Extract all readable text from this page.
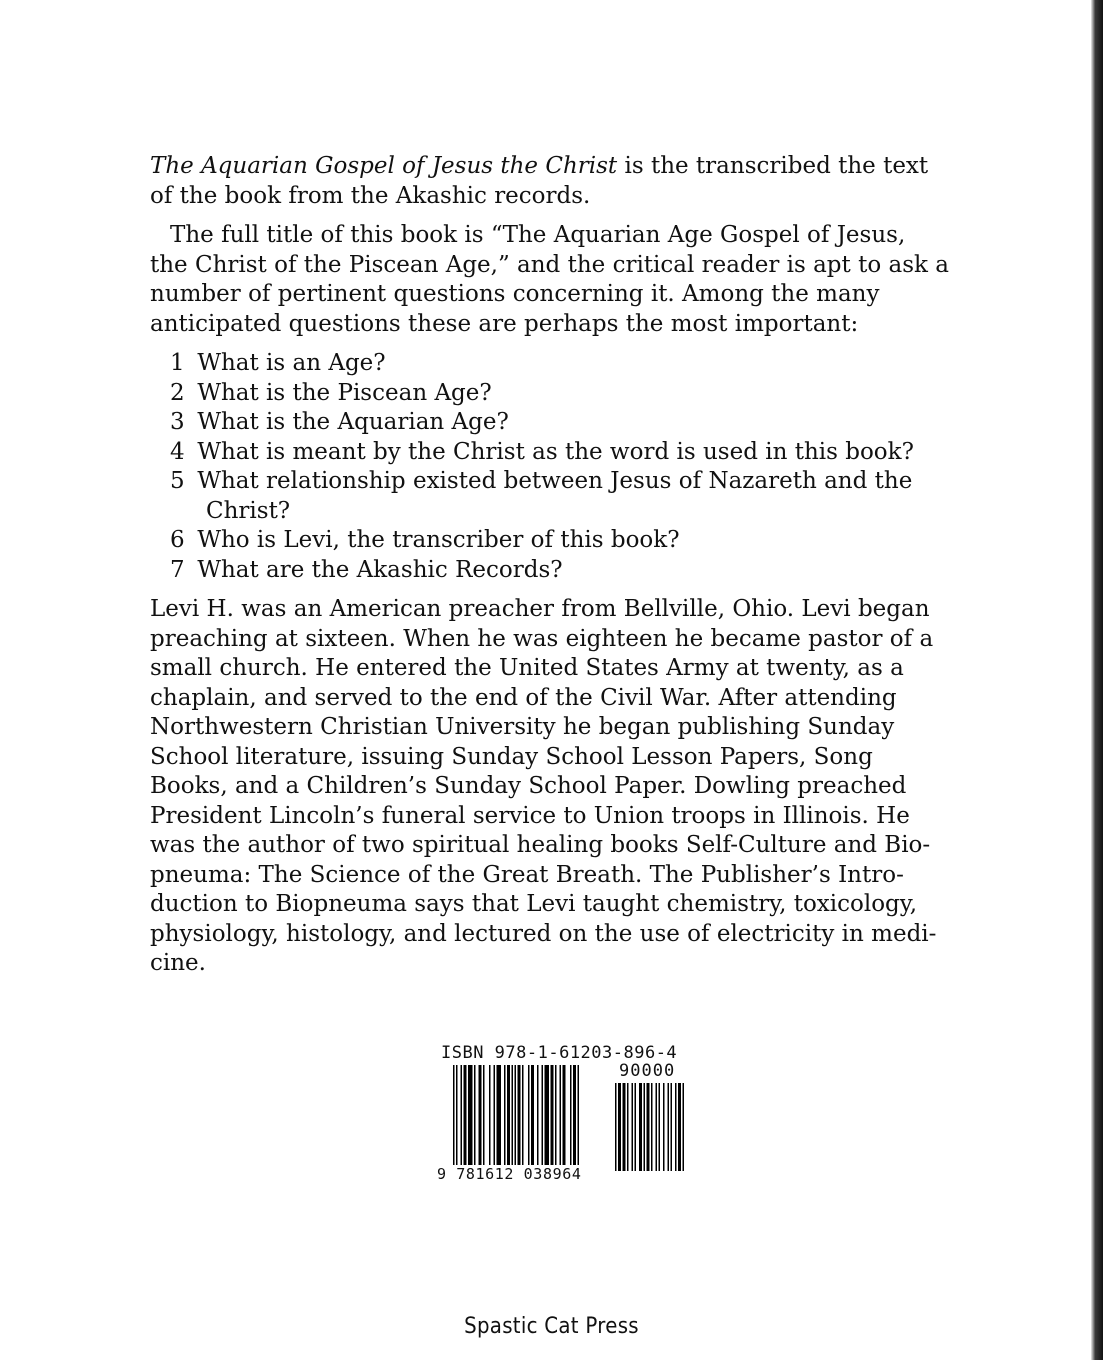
The Aquarian Gospel of Jesus the Christ is the transcribed the text of the book from the Akashic records.

The full title of this book is “The Aquarian Age Gospel of Jesus, the Christ of the Piscean Age,” and the critical reader is apt to ask a number of pertinent questions concerning it. Among the many anticipated questions these are perhaps the most important:

1 What is an Age?
2 What is the Piscean Age?
3 What is the Aquarian Age?
4 What is meant by the Christ as the word is used in this book?
5 What relationship existed between Jesus of Nazareth and the Christ?
6 Who is Levi, the transcriber of this book?
7 What are the Akashic Records?

Levi H. was an American preacher from Bellville, Ohio. Levi began preaching at sixteen. When he was eighteen he became pastor of a small church. He entered the United States Army at twenty, as a chaplain, and served to the end of the Civil War. After attending Northwestern Christian University he began publishing Sunday School literature, issuing Sunday School Lesson Papers, Song Books, and a Children’s Sunday School Paper. Dowling preached President Lincoln’s funeral service to Union troops in Illinois. He was the author of two spiritual healing books Self-Culture and Biopneuma: The Science of the Great Breath. The Publisher’s Introduction to Biopneuma says that Levi taught chemistry, toxicology, physiology, histology, and lectured on the use of electricity in medicine.

ISBN 978-1-61203-896-4
9 781612 038964
90000
Spastic Cat Press
